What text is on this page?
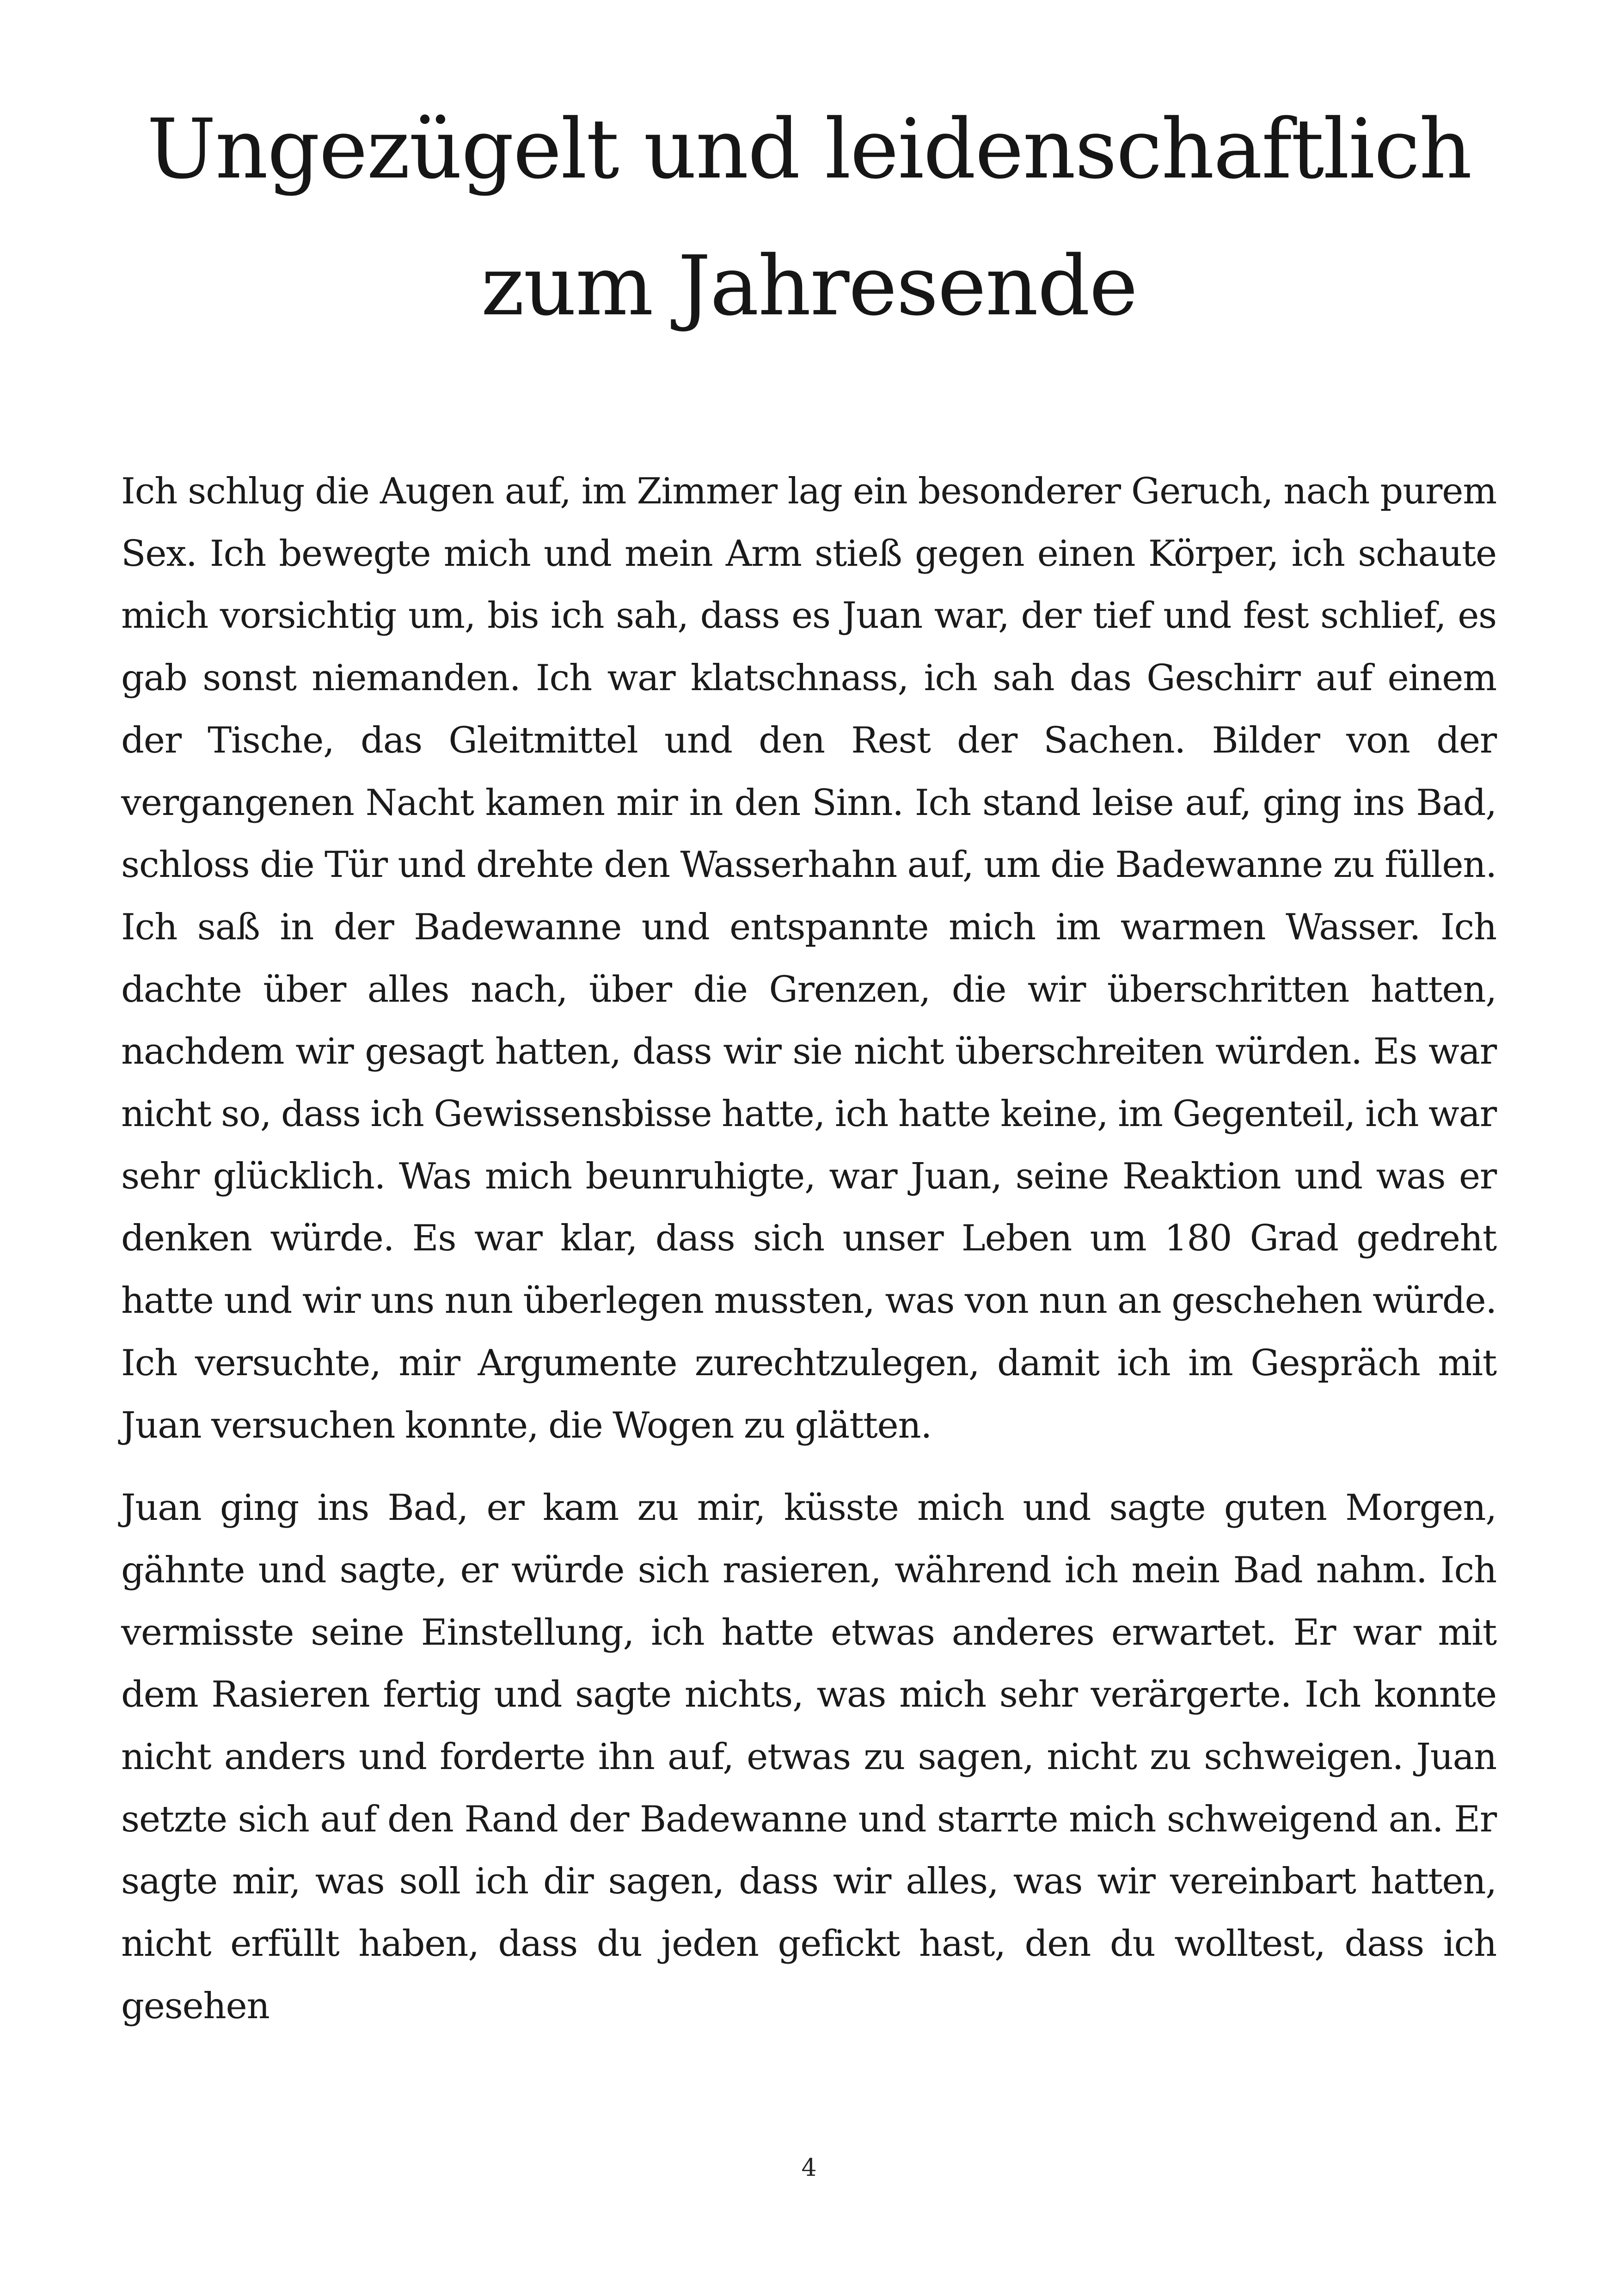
Ungezügelt und leidenschaftlich zum Jahresende

Ich schlug die Augen auf, im Zimmer lag ein besonderer Geruch, nach purem Sex. Ich bewegte mich und mein Arm stieß gegen einen Körper, ich schaute mich vorsichtig um, bis ich sah, dass es Juan war, der tief und fest schlief, es gab sonst niemanden. Ich war klatschnass, ich sah das Geschirr auf einem der Tische, das Gleitmittel und den Rest der Sachen. Bilder von der vergangenen Nacht kamen mir in den Sinn. Ich stand leise auf, ging ins Bad, schloss die Tür und drehte den Wasserhahn auf, um die Badewanne zu füllen. Ich saß in der Badewanne und entspannte mich im warmen Wasser. Ich dachte über alles nach, über die Grenzen, die wir überschritten hatten, nachdem wir gesagt hatten, dass wir sie nicht überschreiten würden. Es war nicht so, dass ich Gewissensbisse hatte, ich hatte keine, im Gegenteil, ich war sehr glücklich. Was mich beunruhigte, war Juan, seine Reaktion und was er denken würde. Es war klar, dass sich unser Leben um 180 Grad gedreht hatte und wir uns nun überlegen mussten, was von nun an geschehen würde. Ich versuchte, mir Argumente zurechtzulegen, damit ich im Gespräch mit Juan versuchen konnte, die Wogen zu glätten.

Juan ging ins Bad, er kam zu mir, küsste mich und sagte guten Morgen, gähnte und sagte, er würde sich rasieren, während ich mein Bad nahm. Ich vermisste seine Einstellung, ich hatte etwas anderes erwartet. Er war mit dem Rasieren fertig und sagte nichts, was mich sehr verärgerte. Ich konnte nicht anders und forderte ihn auf, etwas zu sagen, nicht zu schweigen. Juan setzte sich auf den Rand der Badewanne und starrte mich schweigend an. Er sagte mir, was soll ich dir sagen, dass wir alles, was wir vereinbart hatten, nicht erfüllt haben, dass du jeden gefickt hast, den du wolltest, dass ich gesehen

4
